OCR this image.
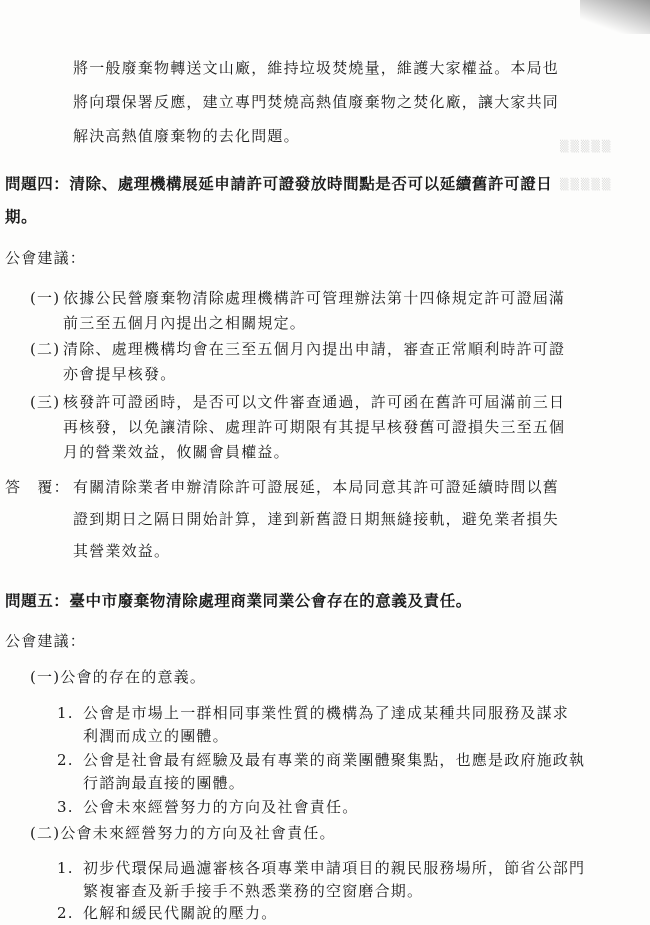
▒▒▒▒▒
▒▒▒▒▒
將一般廢棄物轉送文山廠，維持垃圾焚燒量，維護大家權益。本局也
將向環保署反應，建立專門焚燒高熱值廢棄物之焚化廠，讓大家共同
解決高熱值廢棄物的去化問題。
問題四：清除、處理機構展延申請許可證發放時間點是否可以延續舊許可證日
期。
公會建議：
(一) 依據公民營廢棄物清除處理機構許可管理辦法第十四條規定許可證屆滿
前三至五個月內提出之相關規定。
(二) 清除、處理機構均會在三至五個月內提出申請，審查正常順利時許可證
亦會提早核發。
(三) 核發許可證函時，是否可以文件審查通過，許可函在舊許可屆滿前三日
再核發，以免讓清除、處理許可期限有其提早核發舊可證損失三至五個
月的營業效益，攸關會員權益。
答　覆： 有關清除業者申辦清除許可證展延，本局同意其許可證延續時間以舊
證到期日之隔日開始計算，達到新舊證日期無縫接軌，避免業者損失
其營業效益。
問題五：臺中市廢棄物清除處理商業同業公會存在的意義及責任。
公會建議：
(一)公會的存在的意義。
1. 公會是市場上一群相同事業性質的機構為了達成某種共同服務及謀求
利潤而成立的團體。
2. 公會是社會最有經驗及最有專業的商業團體聚集點，也應是政府施政執
行諮詢最直接的團體。
3. 公會未來經營努力的方向及社會責任。
(二)公會未來經營努力的方向及社會責任。
1. 初步代環保局過濾審核各項專業申請項目的親民服務場所，節省公部門
繁複審查及新手接手不熟悉業務的空窗磨合期。
2. 化解和緩民代關說的壓力。
